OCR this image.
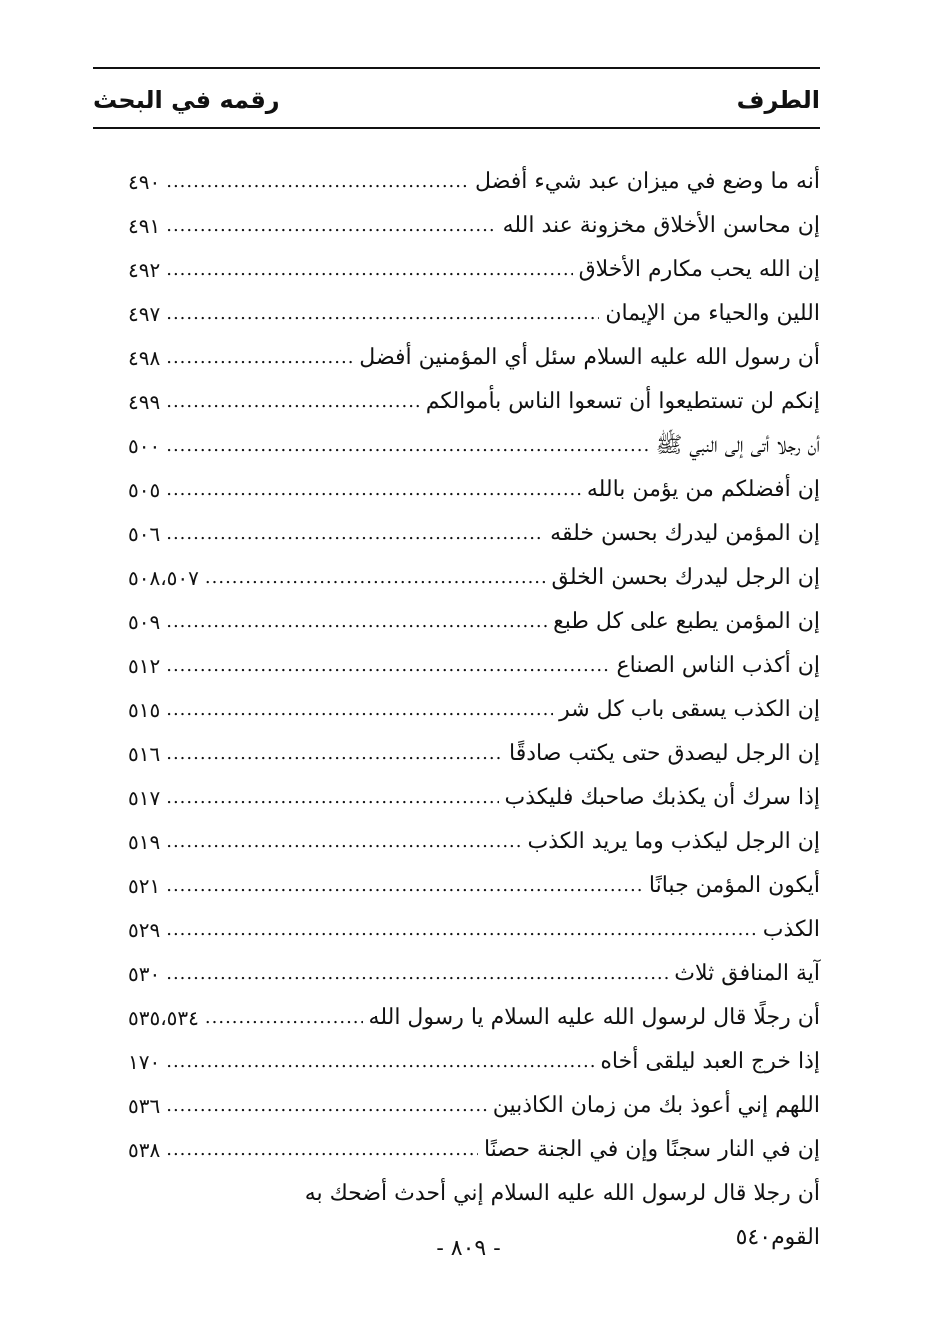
الطرف
رقمه في البحث
أنه ما وضع في ميزان عبد شيء أفضل
.....
٤٩٠
إن محاسن الأخلاق مخزونة عند الله
.....
٤٩١
إن الله يحب مكارم الأخلاق
.....
٤٩٢
اللين والحياء من الإيمان
.....
٤٩٧
أن رسول الله عليه السلام سئل أي المؤمنين أفضل
.....
٤٩٨
إنكم لن تستطيعوا أن تسعوا الناس بأموالكم
.....
٤٩٩
أن رجلا أتى إلى النبي ﷺ
.....
٥٠٠
إن أفضلكم من يؤمن بالله
.....
٥٠٥
إن المؤمن ليدرك بحسن خلقه
.....
٥٠٦
إن الرجل ليدرك بحسن الخلق
.....
٥٠٨،٥٠٧
إن المؤمن يطبع على كل طبع
.....
٥٠٩
إن أكذب الناس الصناع
.....
٥١٢
إن الكذب يسقى باب كل شر
.....
٥١٥
إن الرجل ليصدق حتى يكتب صادقًا
.....
٥١٦
إذا سرك أن يكذبك صاحبك فليكذب
.....
٥١٧
إن الرجل ليكذب وما يريد الكذب
.....
٥١٩
أيكون المؤمن جبانًا
.....
٥٢١
الكذب
.....
٥٢٩
آية المنافق ثلاث
.....
٥٣٠
أن رجلًا قال لرسول الله عليه السلام يا رسول الله
.....
٥٣٥،٥٣٤
إذا خرج العبد ليلقى أخاه
.....
١٧٠
اللهم إني أعوذ بك من زمان الكاذبين
.....
٥٣٦
إن في النار سجنًا وإن في الجنة حصنًا
.....
٥٣٨
أن رجلا قال لرسول الله عليه السلام إني أحدث أضحك به
القوم
٥٤٠
- ٨٠٩ -
